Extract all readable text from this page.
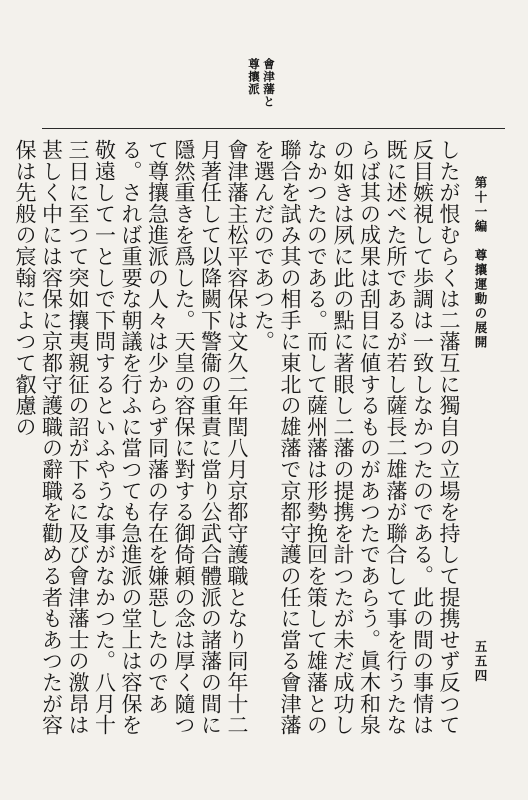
第十一編　尊攘運動の展開
五五四
會津藩と尊攘派

したが恨むらくは二藩互に獨自の立場を持して提携せず反つて反目嫉視して歩調は一致しなかつたのである。此の間の事情は既に述べた所であるが若し薩長二雄藩が聯合して事を行うたならば其の成果は刮目に値するものがあつたであらう。眞木和泉の如きは夙に此の點に著眼し二藩の提携を計つたが未だ成功しなかつたのである。而して薩州藩は形勢挽回を策して雄藩との聯合を試み其の相手に東北の雄藩で京都守護の任に當る會津藩を選んだのであつた。

會津藩主松平容保は文久二年閏八月京都守護職となり同年十二月著任して以降闕下警衞の重責に當り公武合體派の諸藩の間に隱然重きを爲した。天皇の容保に對する御倚頼の念は厚く隨つて尊攘急進派の人々は少からず同藩の存在を嫌惡したのである。されば重要な朝議を行ふに當つても急進派の堂上は容保を敬遠して一としで下問するといふやうな事がなかつた。八月十三日に至つて突如攘夷親征の詔が下るに及び會津藩士の激昂は甚しく中には容保に京都守護職の辭職を勸める者もあつたが容保は先般の宸翰によつて叡慮の
